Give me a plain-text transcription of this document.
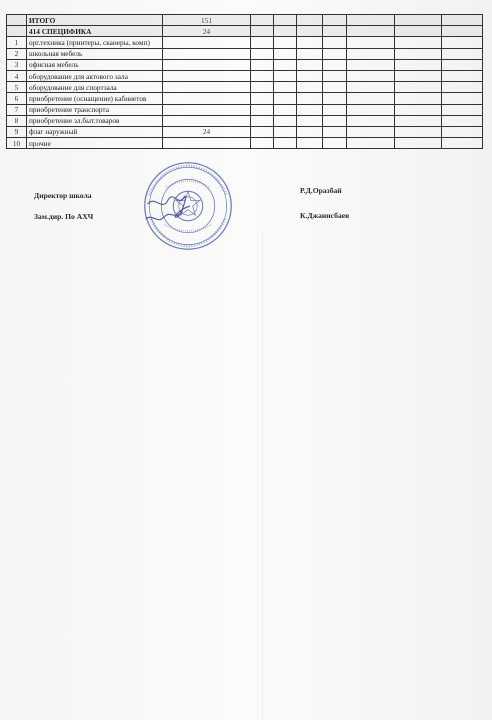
	ИТОГО	151							
	414 СПЕЦИФИКА	24							
1	орг.техника (принтеры, сканеры, комп)								
2	школьная мебель								
3	офисная мебель								
4	оборудование для актового зала								
5	оборудование для спортзала								
6	приобретение (оснащение) кабинетов								
7	приобретение транспорта								
8	приобретение зл.быт.товаров								
9	флаг наружный	24							
10	прочие								
Директор школа
Р.Д.Оразбай
Зам.дир. По АХЧ	К.Джанисбаев
